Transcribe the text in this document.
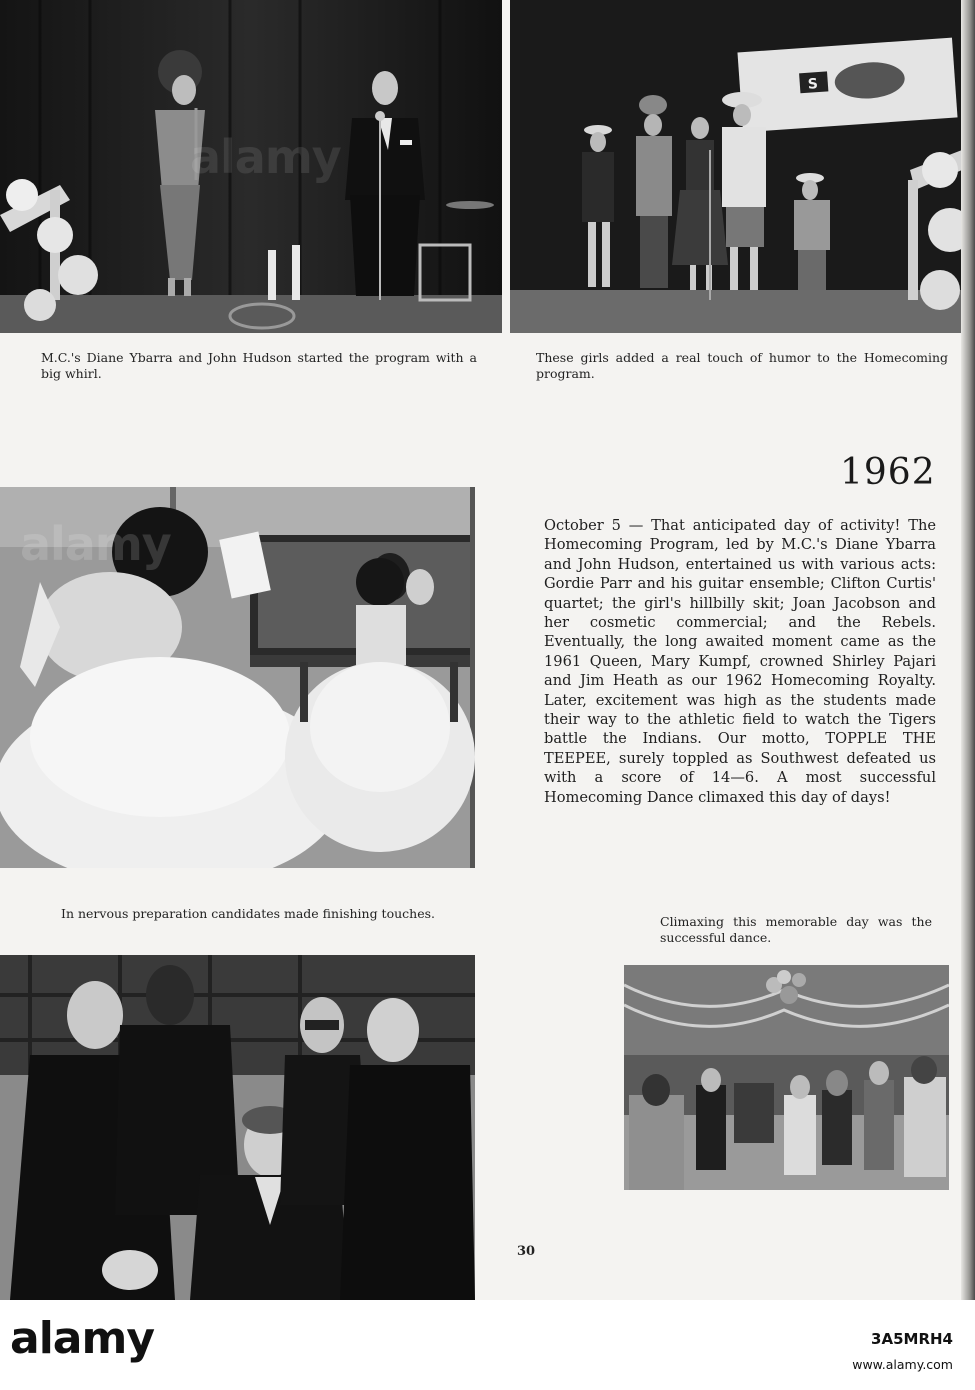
S
M.C.'s Diane Ybarra and John Hudson started the program with a big whirl.
These girls added a real touch of humor to the Homecoming program.
1962
October 5 — That anticipated day of activity! The Homecoming Program, led by M.C.'s Diane Ybarra and John Hudson, entertained us with various acts: Gordie Parr and his guitar ensemble; Clifton Curtis' quartet; the girl's hillbilly skit; Joan Jacobson and her cosmetic commercial; and the Rebels. Eventually, the long awaited moment came as the 1961 Queen, Mary Kumpf, crowned Shirley Pajari and Jim Heath as our 1962 Homecoming Royalty. Later, excitement was high as the students made their way to the athletic field to watch the Tigers battle the Indians. Our motto, TOPPLE THE TEEPEE, surely toppled as Southwest defeated us with a score of 14—6. A most successful Homecoming Dance climaxed this day of days!
In nervous preparation candidates made finishing touches.
Climaxing this memorable day was the successful dance.
30
alamy	3A5MRH4
www.alamy.com
